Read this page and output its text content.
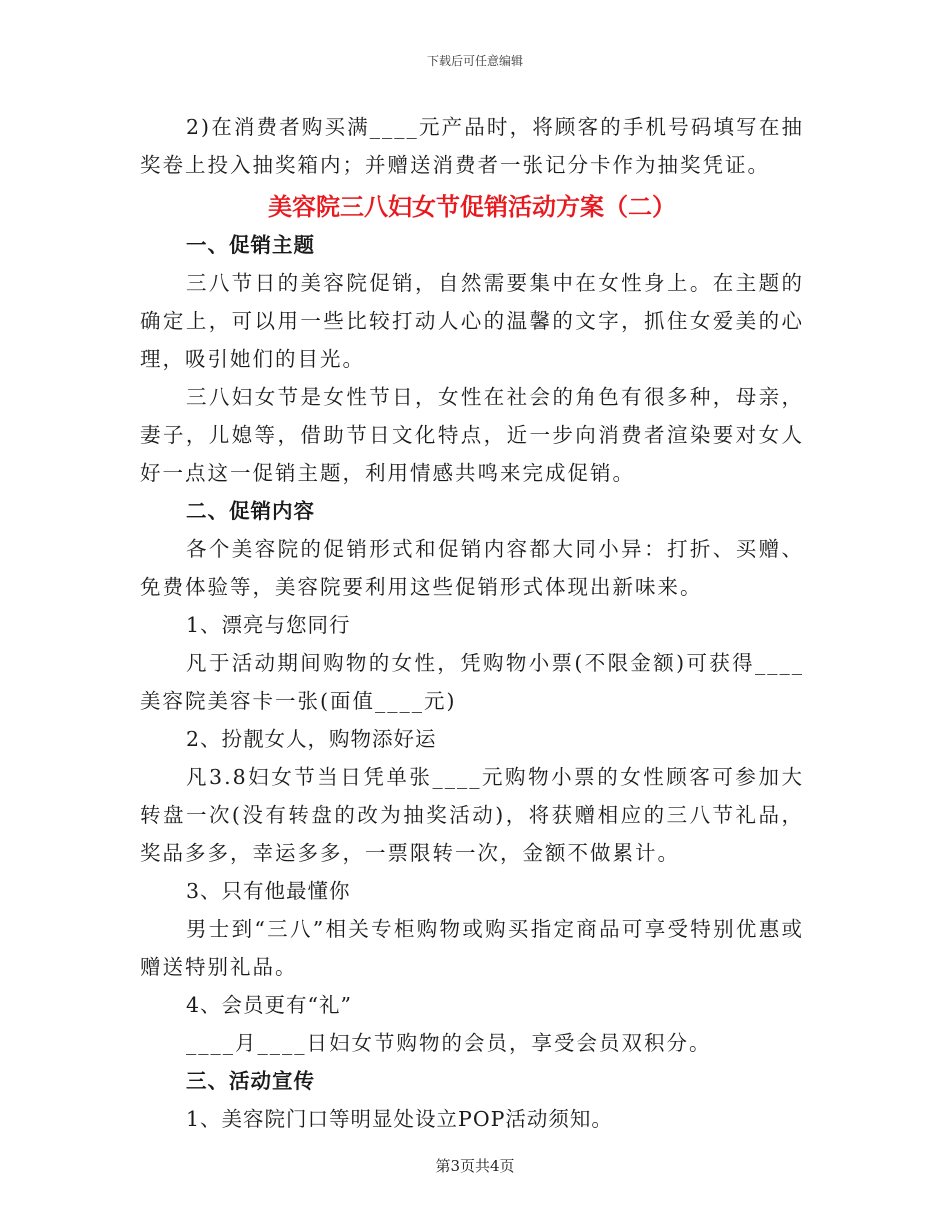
下载后可任意编辑

2)在消费者购买满____元产品时，将顾客的手机号码填写在抽奖卷上投入抽奖箱内；并赠送消费者一张记分卡作为抽奖凭证。

美容院三八妇女节促销活动方案（二）

一、促销主题

三八节日的美容院促销，自然需要集中在女性身上。在主题的确定上，可以用一些比较打动人心的温馨的文字，抓住女爱美的心理，吸引她们的目光。

三八妇女节是女性节日，女性在社会的角色有很多种，母亲，妻子，儿媳等，借助节日文化特点，近一步向消费者渲染要对女人好一点这一促销主题，利用情感共鸣来完成促销。

二、促销内容

各个美容院的促销形式和促销内容都大同小异：打折、买赠、免费体验等，美容院要利用这些促销形式体现出新味来。

1、漂亮与您同行

凡于活动期间购物的女性，凭购物小票(不限金额)可获得____美容院美容卡一张(面值____元)

2、扮靓女人，购物添好运

凡3.8妇女节当日凭单张____元购物小票的女性顾客可参加大转盘一次(没有转盘的改为抽奖活动)，将获赠相应的三八节礼品，奖品多多，幸运多多，一票限转一次，金额不做累计。

3、只有他最懂你

男士到“三八”相关专柜购物或购买指定商品可享受特别优惠或赠送特别礼品。

4、会员更有“礼”

____月____日妇女节购物的会员，享受会员双积分。

三、活动宣传

1、美容院门口等明显处设立POP活动须知。

第3页共4页
